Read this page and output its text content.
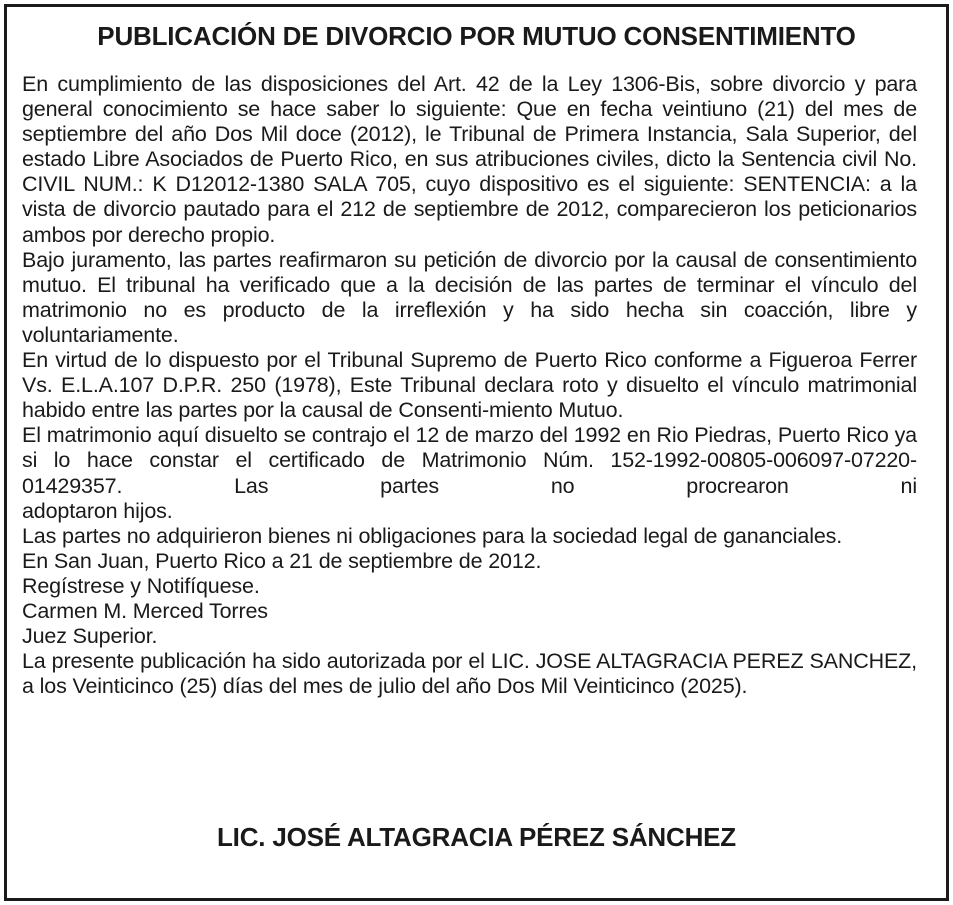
PUBLICACIÓN DE DIVORCIO POR MUTUO CONSENTIMIENTO

En cumplimiento de las disposiciones del Art. 42 de la Ley 1306-Bis, sobre divorcio y para general conocimiento se hace saber lo siguiente: Que en fecha veintiuno (21) del mes de septiembre del año Dos Mil doce (2012), le Tribunal de Primera Instancia, Sala Superior, del estado Libre Asociados de Puerto Rico, en sus atribuciones civiles, dicto la Sentencia civil No. CIVIL NUM.: K D12012-1380 SALA 705, cuyo dispositivo es el siguiente: SENTENCIA: a la vista de divorcio pautado para el 212 de septiembre de 2012, comparecieron los peticionarios ambos por derecho propio.

Bajo juramento, las partes reafirmaron su petición de divorcio por la causal de consentimiento mutuo. El tribunal ha verificado que a la decisión de las partes de terminar el vínculo del matrimonio no es producto de la irreflexión y ha sido hecha sin coacción, libre y voluntariamente.

En virtud de lo dispuesto por el Tribunal Supremo de Puerto Rico conforme a Figueroa Ferrer Vs. E.L.A.107 D.P.R. 250 (1978), Este Tribunal declara roto y disuelto el vínculo matrimonial habido entre las partes por la causal de Consenti-miento Mutuo.

El matrimonio aquí disuelto se contrajo el 12 de marzo del 1992 en Rio Piedras, Puerto Rico ya si lo hace constar el certificado de Matrimonio Núm. 152-1992-00805-006097-07220-01429357. Las partes no procrearon ni

adoptaron hijos.

Las partes no adquirieron bienes ni obligaciones para la sociedad legal de gananciales.

En San Juan, Puerto Rico a 21 de septiembre de 2012.

Regístrese y Notifíquese.

Carmen M. Merced Torres

Juez Superior.

La presente publicación ha sido autorizada por el LIC. JOSE ALTAGRACIA PEREZ SANCHEZ, a los Veinticinco (25) días del mes de julio del año Dos Mil Veinticinco (2025).

LIC. JOSÉ ALTAGRACIA PÉREZ SÁNCHEZ
